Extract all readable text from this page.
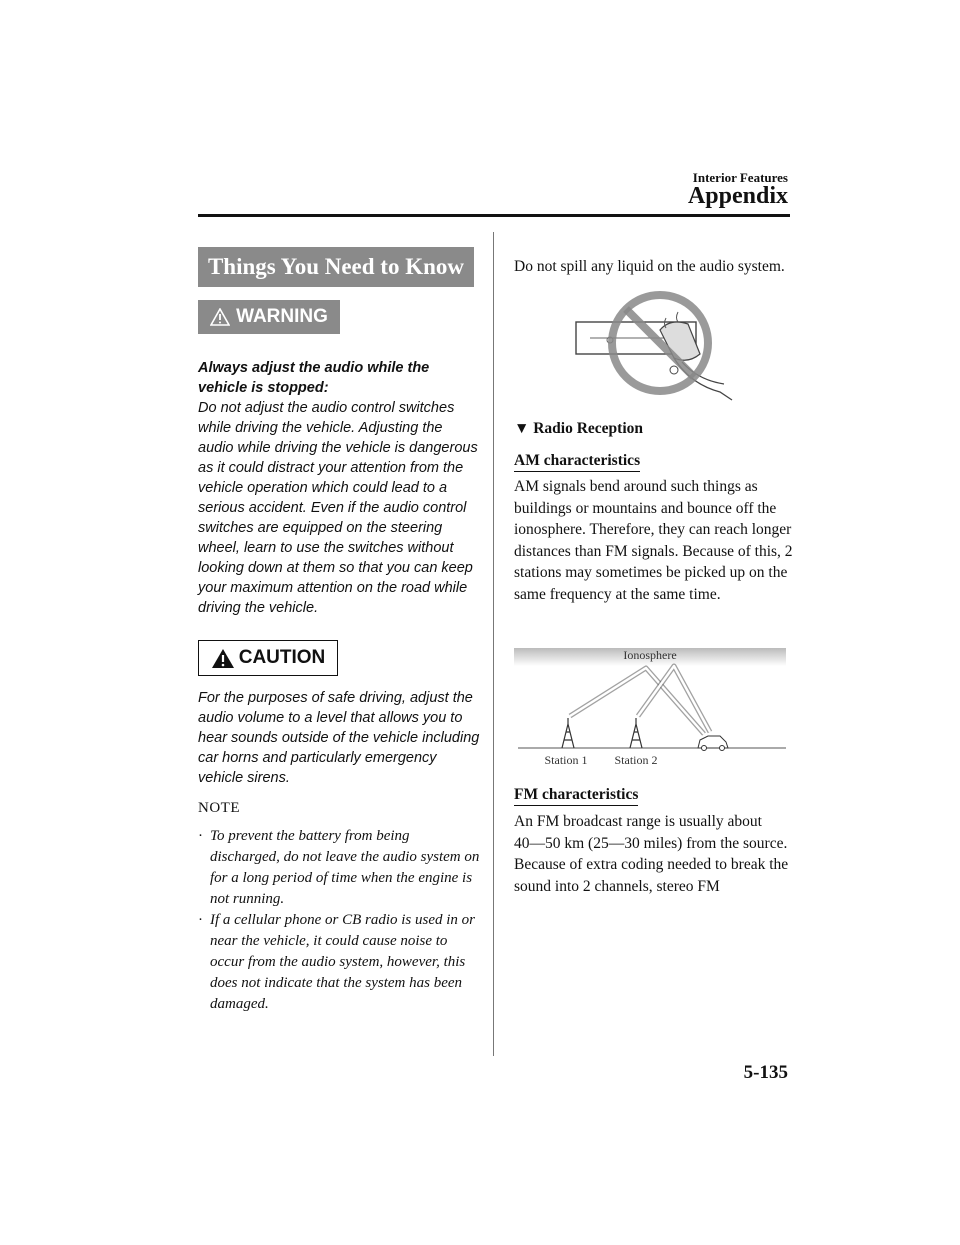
Interior Features
Appendix
Things You Need to Know
WARNING
Always adjust the audio while the vehicle is stopped:
Do not adjust the audio control switches while driving the vehicle. Adjusting the audio while driving the vehicle is dangerous as it could distract your attention from the vehicle operation which could lead to a serious accident. Even if the audio control switches are equipped on the steering wheel, learn to use the switches without looking down at them so that you can keep your maximum attention on the road while driving the vehicle.
CAUTION
For the purposes of safe driving, adjust the audio volume to a level that allows you to hear sounds outside of the vehicle including car horns and particularly emergency vehicle sirens.
NOTE
· To prevent the battery from being discharged, do not leave the audio system on for a long period of time when the engine is not running.
· If a cellular phone or CB radio is used in or near the vehicle, it could cause noise to occur from the audio system, however, this does not indicate that the system has been damaged.
Do not spill any liquid on the audio system.
▼ Radio Reception
AM characteristics
AM signals bend around such things as buildings or mountains and bounce off the ionosphere. Therefore, they can reach longer distances than FM signals. Because of this, 2 stations may sometimes be picked up on the same frequency at the same time.
Ionosphere
Station 1 Station 2
FM characteristics
An FM broadcast range is usually about 40―50 km (25―30 miles) from the source. Because of extra coding needed to break the sound into 2 channels, stereo FM
5-135
